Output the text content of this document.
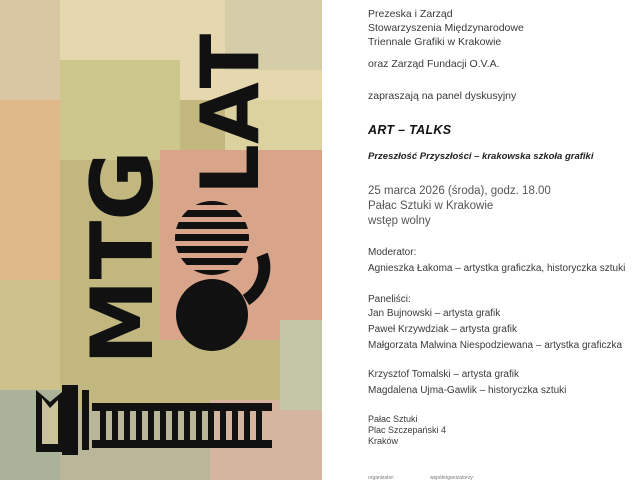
MTG
LAT
Prezeska i Zarząd
Stowarzyszenia Międzynarodowe
Triennale Grafiki w Krakowie
oraz Zarząd Fundacji O.V.A.
zapraszają na panel dyskusyjny
ART – TALKS
Przeszłość Przyszłości – krakowska szkoła grafiki
25 marca 2026 (środa), godz. 18.00
Pałac Sztuki w Krakowie
wstęp wolny
Moderator:
Agnieszka Łakoma – artystka graficzka, historyczka sztuki
Paneliści:
Jan Bujnowski – artysta grafik
Paweł Krzywdziak – artysta grafik
Małgorzata Malwina Niespodziewana – artystka graficzka
Krzysztof Tomalski – artysta grafik
Magdalena Ujma-Gawlik – historyczka sztuki
Pałac Sztuki
Plac Szczepański 4
Kraków
organizator:	współorganizatorzy:
